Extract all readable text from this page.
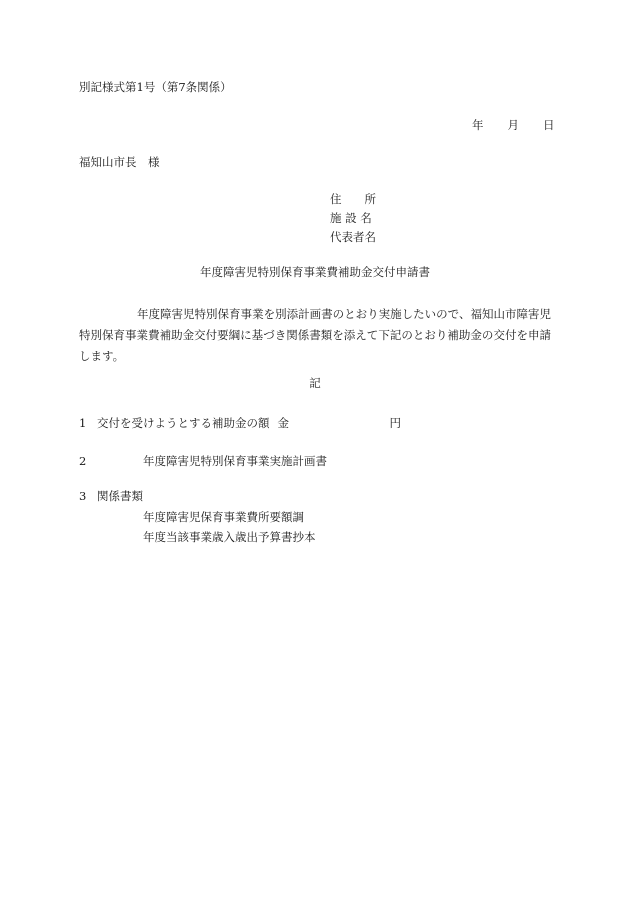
別記様式第1号（第7条関係）
年 月 日
福知山市長　様
住　　所
施 設 名
代表者名
年度障害児特別保育事業費補助金交付申請書
年度障害児特別保育事業を別添計画書のとおり実施したいので、福知山市障害児特別保育事業費補助金交付要綱に基づき関係書類を添えて下記のとおり補助金の交付を申請します。
記
1 交付を受けようとする補助金の額 金	円
2	年度障害児特別保育事業実施計画書
3 関係書類
年度障害児保育事業費所要額調
年度当該事業歳入歳出予算書抄本
